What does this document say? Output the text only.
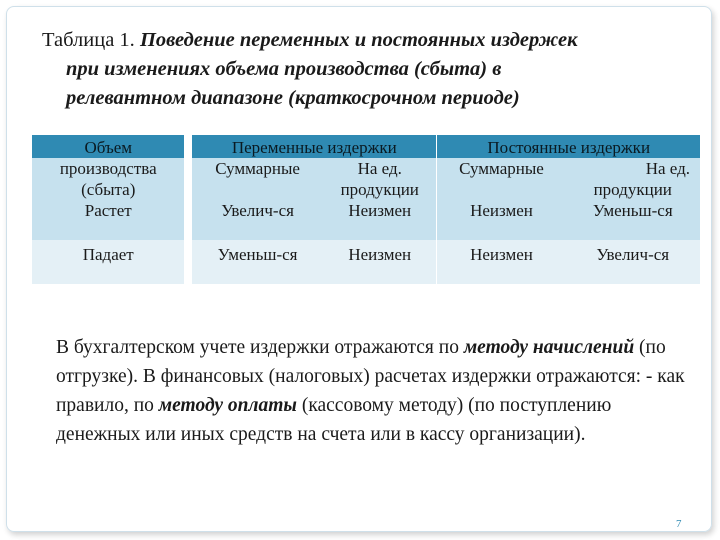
Таблица 1. Поведение переменных и постоянных издержек
при изменениях объема производства (сбыта) в
релевантном диапазоне (краткосрочном периоде)
Объем		Переменные издержки		Постоянные издержки	
производства		Суммарные	На ед.	Суммарные	На ед.
(сбыта)			продукции		продукции
Растет		Увелич-ся	Неизмен	Неизмен	Уменьш-ся
Падает		Уменьш-ся	Неизмен	Неизмен	Увелич-ся
В бухгалтерском учете издержки отражаются по методу начислений (по отгрузке). В финансовых (налоговых) расчетах издержки отражаются: - как правило, по методу оплаты (кассовому методу) (по поступлению денежных или иных средств на счета или в кассу организации).
7
